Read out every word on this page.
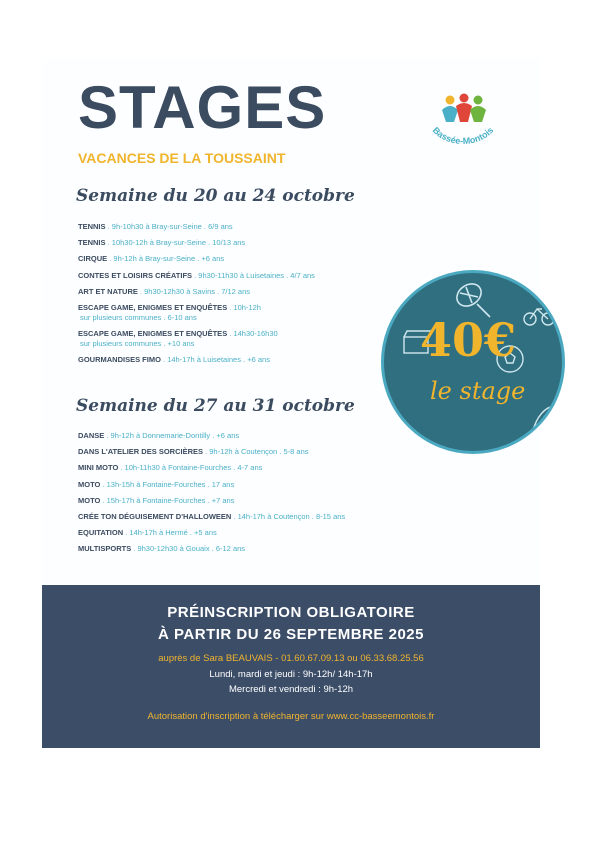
STAGES
VACANCES DE LA TOUSSAINT
Bassée-Montois
Semaine du 20 au 24 octobre
TENNIS . 9h-10h30 à Bray-sur-Seine . 6/9 ans
TENNIS . 10h30-12h à Bray-sur-Seine . 10/13 ans
CIRQUE . 9h-12h à Bray-sur-Seine . +6 ans
CONTES ET LOISIRS CRÉATIFS . 9h30-11h30 à Luisetaines . 4/7 ans
ART ET NATURE . 9h30-12h30 à Savins . 7/12 ans
ESCAPE GAME, ENIGMES ET ENQUÊTES . 10h-12h
sur plusieurs communes . 6-10 ans
ESCAPE GAME, ENIGMES ET ENQUÊTES . 14h30-16h30
sur plusieurs communes . +10 ans
GOURMANDISES FIMO . 14h-17h à Luisetaines . +6 ans
Semaine du 27 au 31 octobre
DANSE . 9h-12h à Donnemarie-Dontilly . +6 ans
DANS L'ATELIER DES SORCIÈRES . 9h-12h à Coutençon . 5-8 ans
MINI MOTO . 10h-11h30 à Fontaine-Fourches . 4-7 ans
MOTO . 13h-15h à Fontaine-Fourches . 17 ans
MOTO . 15h-17h à Fontaine-Fourches . +7 ans
CRÉE TON DÉGUISEMENT D'HALLOWEEN . 14h-17h à Coutençon . 8-15 ans
EQUITATION . 14h-17h à Hermé . +5 ans
MULTISPORTS . 9h30-12h30 à Gouaix . 6-12 ans
40€
le stage
PRÉINSCRIPTION OBLIGATOIRE
À PARTIR DU 26 SEPTEMBRE 2025
auprès de Sara BEAUVAIS - 01.60.67.09.13 ou 06.33.68.25.56
Lundi, mardi et jeudi : 9h-12h/ 14h-17h
Mercredi et vendredi : 9h-12h
Autorisation d'inscription à télécharger sur www.cc-basseemontois.fr
